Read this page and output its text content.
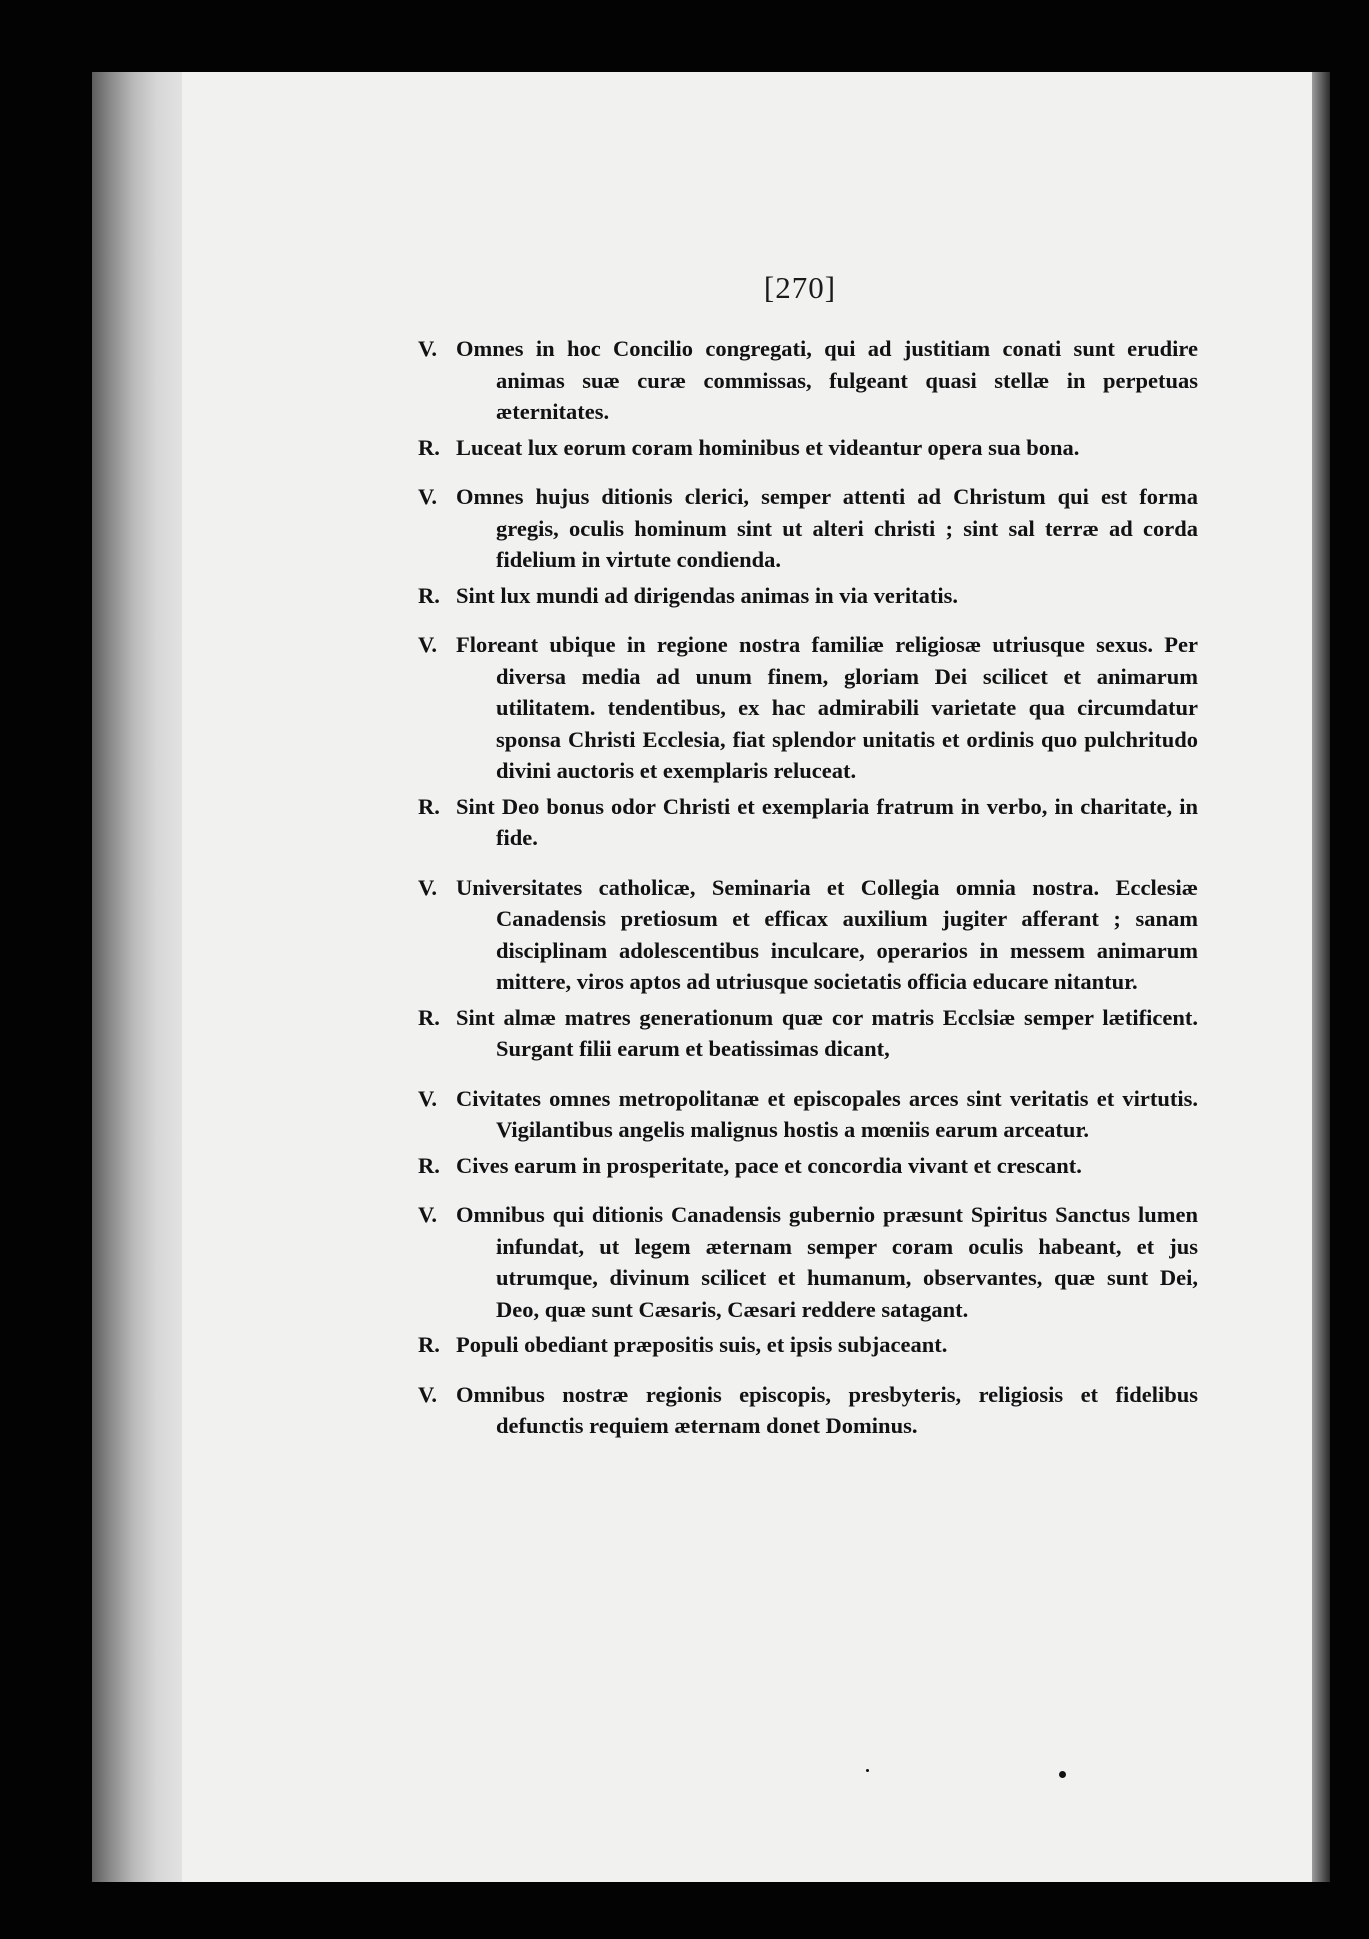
[270]
V. Omnes in hoc Concilio congregati, qui ad justitiam conati sunt erudire animas suæ curæ commissas, fulgeant quasi stellæ in perpetuas æternitates.
R. Luceat lux eorum coram hominibus et videantur opera sua bona.
V. Omnes hujus ditionis clerici, semper attenti ad Christum qui est forma gregis, oculis hominum sint ut alteri christi ; sint sal terræ ad corda fidelium in virtute condienda.
R. Sint lux mundi ad dirigendas animas in via veritatis.
V. Floreant ubique in regione nostra familiæ religiosæ utriusque sexus. Per diversa media ad unum finem, gloriam Dei scilicet et animarum utilitatem. tendentibus, ex hac admirabili varietate qua circumdatur sponsa Christi Ecclesia, fiat splendor unitatis et ordinis quo pulchritudo divini auctoris et exemplaris reluceat.
R. Sint Deo bonus odor Christi et exemplaria fratrum in verbo, in charitate, in fide.
V. Universitates catholicæ, Seminaria et Collegia omnia nostra. Ecclesiæ Canadensis pretiosum et efficax auxilium jugiter afferant ; sanam disciplinam adolescentibus inculcare, operarios in messem animarum mittere, viros aptos ad utriusque societatis officia educare nitantur.
R. Sint almæ matres generationum quæ cor matris Ecclsiæ semper lætificent. Surgant filii earum et beatissimas dicant,
V. Civitates omnes metropolitanæ et episcopales arces sint veritatis et virtutis. Vigilantibus angelis malignus hostis a mœniis earum arceatur.
R. Cives earum in prosperitate, pace et concordia vivant et crescant.
V. Omnibus qui ditionis Canadensis gubernio præsunt Spiritus Sanctus lumen infundat, ut legem æternam semper coram oculis habeant, et jus utrumque, divinum scilicet et humanum, observantes, quæ sunt Dei, Deo, quæ sunt Cæsaris, Cæsari reddere satagant.
R. Populi obediant præpositis suis, et ipsis subjaceant.
V. Omnibus nostræ regionis episcopis, presbyteris, religiosis et fidelibus defunctis requiem æternam donet Dominus.
